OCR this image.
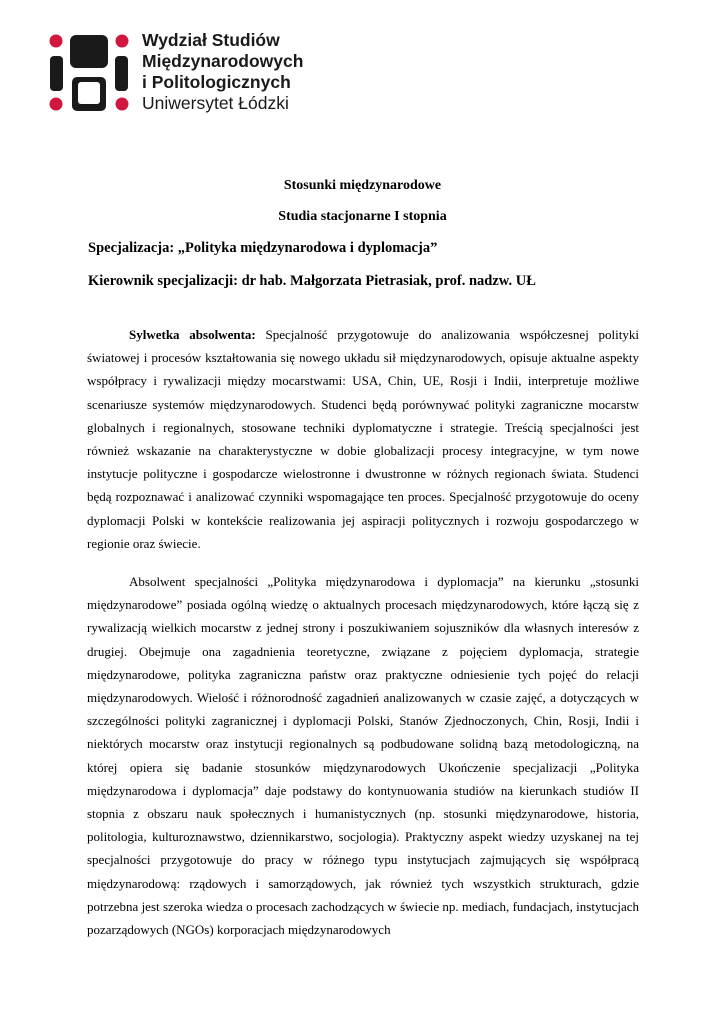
Wydział Studiów
Międzynarodowych
i Politologicznych
Uniwersytet Łódzki
Stosunki międzynarodowe
Studia stacjonarne I stopnia
Specjalizacja: „Polityka międzynarodowa i dyplomacja”
Kierownik specjalizacji: dr hab. Małgorzata Pietrasiak, prof. nadzw. UŁ

Sylwetka absolwenta: Specjalność przygotowuje do analizowania współczesnej polityki światowej i procesów kształtowania się nowego układu sił międzynarodowych, opisuje aktualne aspekty współpracy i rywalizacji między mocarstwami: USA, Chin, UE, Rosji i Indii, interpretuje możliwe scenariusze systemów międzynarodowych. Studenci będą porównywać polityki zagraniczne mocarstw globalnych i regionalnych, stosowane techniki dyplomatyczne i strategie. Treścią specjalności jest również wskazanie na charakterystyczne w dobie globalizacji procesy integracyjne, w tym nowe instytucje polityczne i gospodarcze wielostronne i dwustronne w różnych regionach świata. Studenci będą rozpoznawać i analizować czynniki wspomagające ten proces. Specjalność przygotowuje do oceny dyplomacji Polski w kontekście realizowania jej aspiracji politycznych i rozwoju gospodarczego w regionie oraz świecie.

Absolwent specjalności „Polityka międzynarodowa i dyplomacja” na kierunku „stosunki międzynarodowe” posiada ogólną wiedzę o aktualnych procesach międzynarodowych, które łączą się z rywalizacją wielkich mocarstw z jednej strony i poszukiwaniem sojuszników dla własnych interesów z drugiej. Obejmuje ona zagadnienia teoretyczne, związane z pojęciem dyplomacja, strategie międzynarodowe, polityka zagraniczna państw oraz praktyczne odniesienie tych pojęć do relacji międzynarodowych. Wielość i różnorodność zagadnień analizowanych w czasie zajęć, a dotyczących w szczególności polityki zagranicznej i dyplomacji Polski, Stanów Zjednoczonych, Chin, Rosji, Indii i niektórych mocarstw oraz instytucji regionalnych są podbudowane solidną bazą metodologiczną, na której opiera się badanie stosunków międzynarodowych Ukończenie specjalizacji „Polityka międzynarodowa i dyplomacja” daje podstawy do kontynuowania studiów na kierunkach studiów II stopnia z obszaru nauk społecznych i humanistycznych (np. stosunki międzynarodowe, historia, politologia, kulturoznawstwo, dziennikarstwo, socjologia). Praktyczny aspekt wiedzy uzyskanej na tej specjalności przygotowuje do pracy w różnego typu instytucjach zajmujących się współpracą międzynarodową: rządowych i samorządowych, jak również tych wszystkich strukturach, gdzie potrzebna jest szeroka wiedza o procesach zachodzących w świecie np. mediach, fundacjach, instytucjach pozarządowych (NGOs) korporacjach międzynarodowych
